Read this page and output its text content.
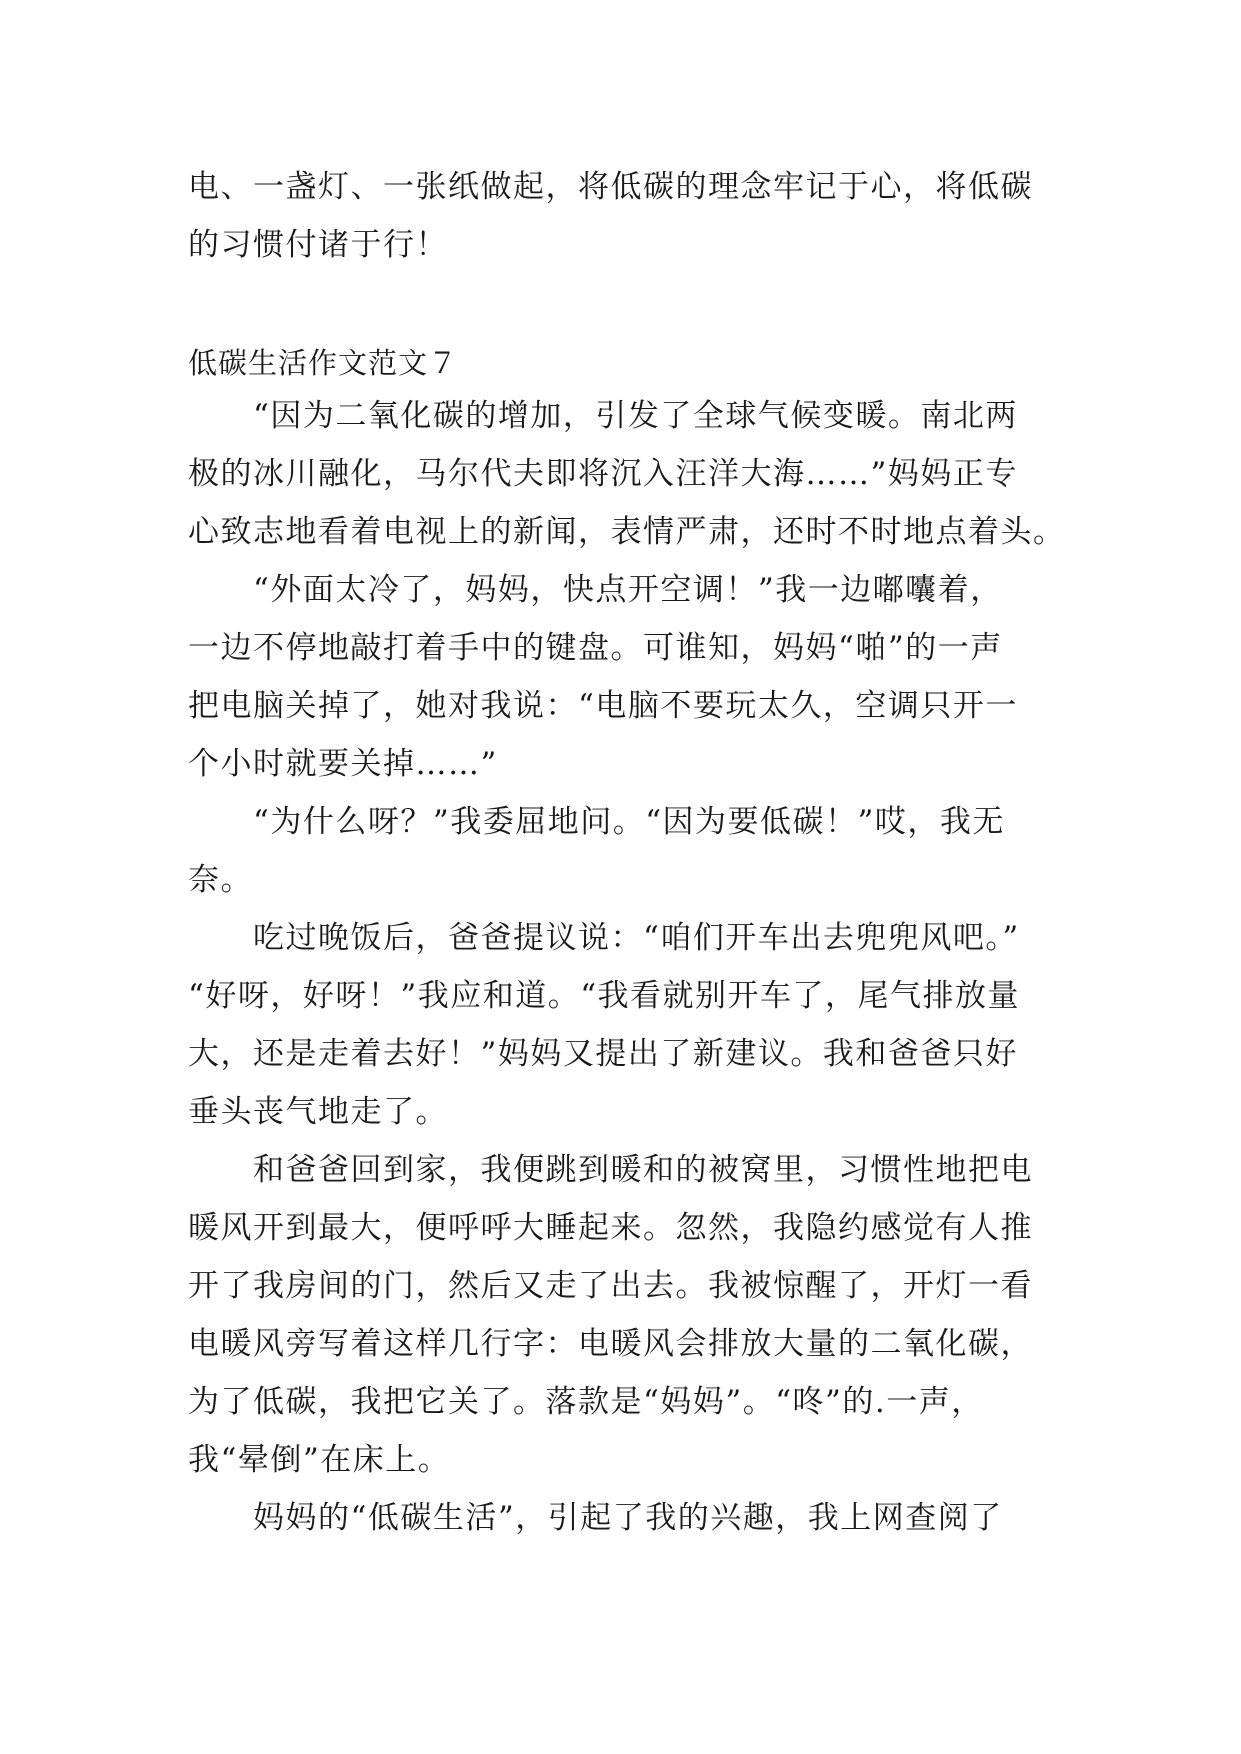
电、一盏灯、一张纸做起，将低碳的理念牢记于心，将低碳
的习惯付诸于行！
低碳生活作文范文７
　　“因为二氧化碳的增加，引发了全球气候变暖。南北两
极的冰川融化，马尔代夫即将沉入汪洋大海……”妈妈正专
心致志地看着电视上的新闻，表情严肃，还时不时地点着头。
　　“外面太冷了，妈妈，快点开空调！”我一边嘟囔着，
一边不停地敲打着手中的键盘。可谁知，妈妈“啪”的一声
把电脑关掉了，她对我说：“电脑不要玩太久，空调只开一
个小时就要关掉……”
　　“为什么呀？”我委屈地问。“因为要低碳！”哎，我无
奈。
　　吃过晚饭后，爸爸提议说：“咱们开车出去兜兜风吧。”
“好呀，好呀！”我应和道。“我看就别开车了，尾气排放量
大，还是走着去好！”妈妈又提出了新建议。我和爸爸只好
垂头丧气地走了。
　　和爸爸回到家，我便跳到暖和的被窝里，习惯性地把电
暖风开到最大，便呼呼大睡起来。忽然，我隐约感觉有人推
开了我房间的门，然后又走了出去。我被惊醒了，开灯一看
电暖风旁写着这样几行字：电暖风会排放大量的二氧化碳，
为了低碳，我把它关了。落款是“妈妈”。“咚”的.一声，
我“晕倒”在床上。
　　妈妈的“低碳生活”，引起了我的兴趣，我上网查阅了
